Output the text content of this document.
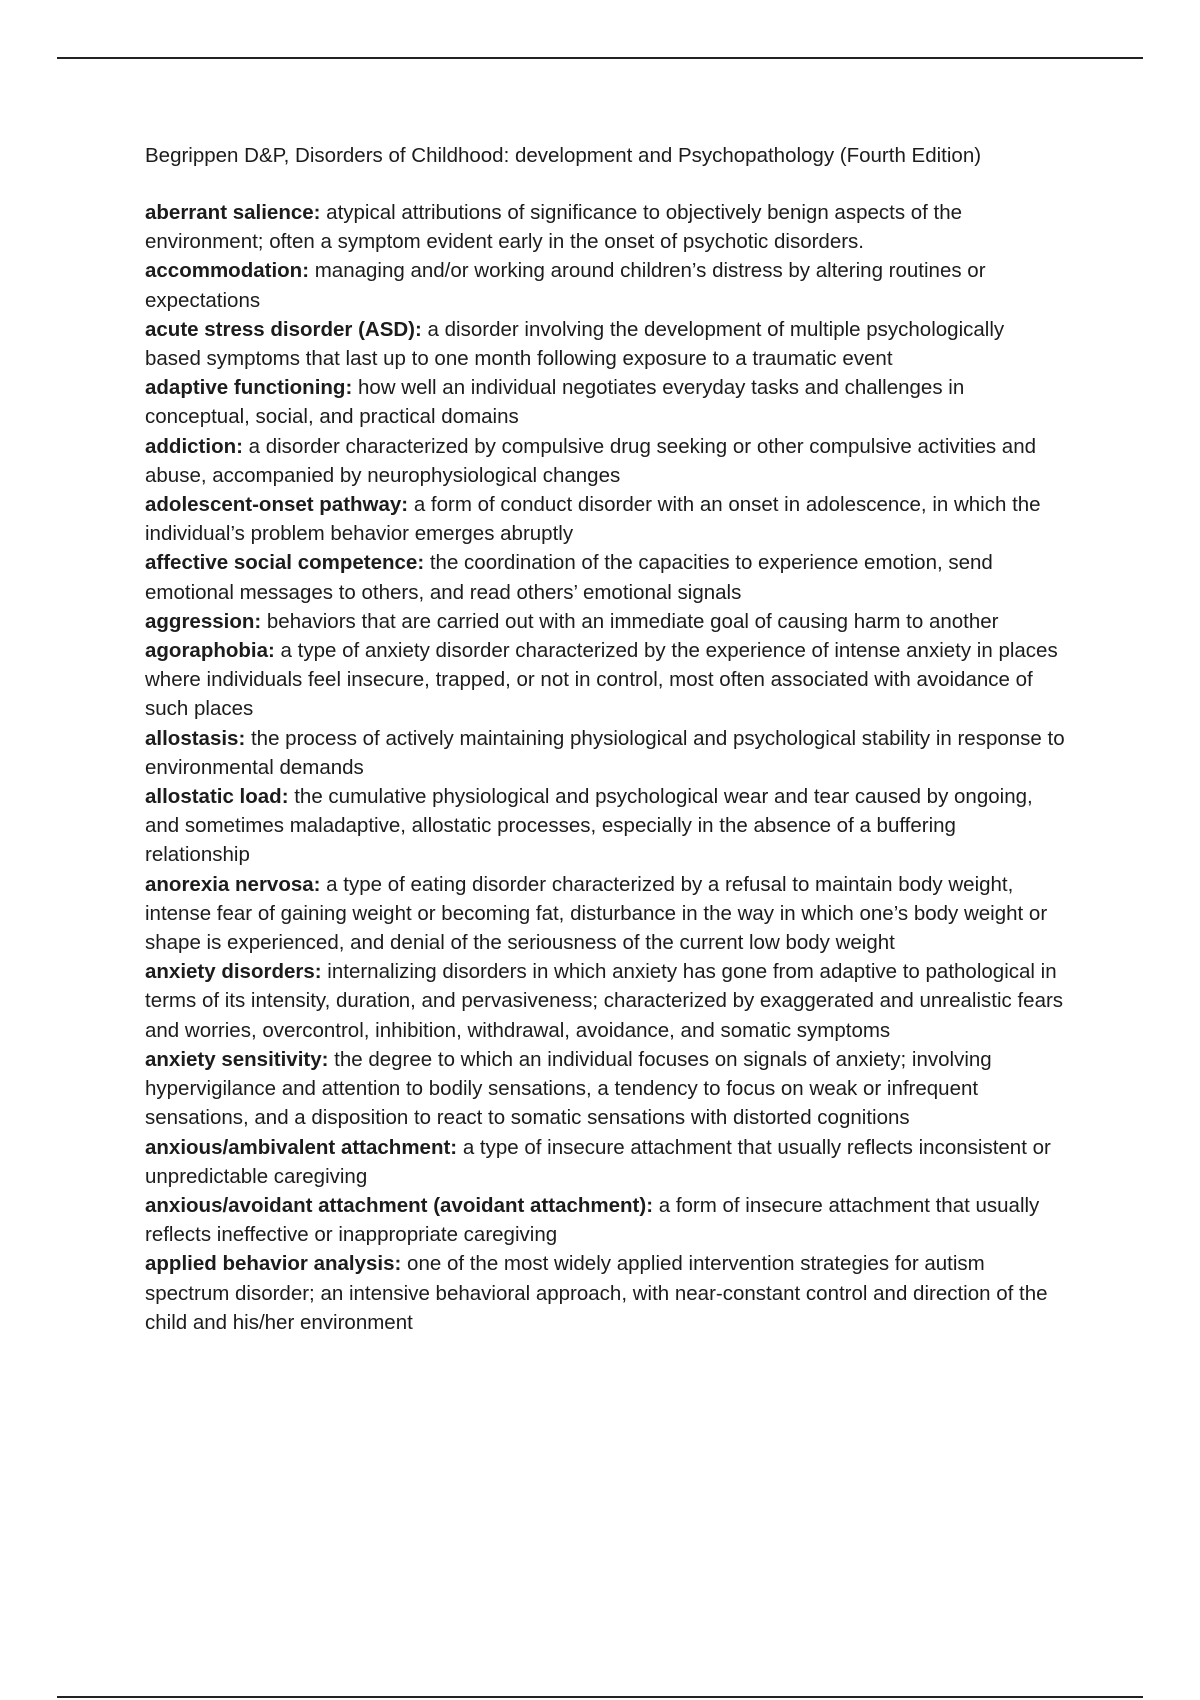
Begrippen D&P, Disorders of Childhood: development and Psychopathology (Fourth Edition)

aberrant salience: atypical attributions of significance to objectively benign aspects of the environment; often a symptom evident early in the onset of psychotic disorders.

accommodation: managing and/or working around children’s distress by altering routines or expectations

acute stress disorder (ASD): a disorder involving the development of multiple psychologically based symptoms that last up to one month following exposure to a traumatic event

adaptive functioning: how well an individual negotiates everyday tasks and challenges in conceptual, social, and practical domains

addiction: a disorder characterized by compulsive drug seeking or other compulsive activities and abuse, accompanied by neurophysiological changes

adolescent-onset pathway: a form of conduct disorder with an onset in adolescence, in which the individual’s problem behavior emerges abruptly

affective social competence: the coordination of the capacities to experience emotion, send emotional messages to others, and read others’ emotional signals

aggression: behaviors that are carried out with an immediate goal of causing harm to another

agoraphobia: a type of anxiety disorder characterized by the experience of intense anxiety in places where individuals feel insecure, trapped, or not in control, most often associated with avoidance of such places

allostasis: the process of actively maintaining physiological and psychological stability in response to environmental demands

allostatic load: the cumulative physiological and psychological wear and tear caused by ongoing, and sometimes maladaptive, allostatic processes, especially in the absence of a buffering relationship

anorexia nervosa: a type of eating disorder characterized by a refusal to maintain body weight, intense fear of gaining weight or becoming fat, disturbance in the way in which one’s body weight or shape is experienced, and denial of the seriousness of the current low body weight

anxiety disorders: internalizing disorders in which anxiety has gone from adaptive to pathological in terms of its intensity, duration, and pervasiveness; characterized by exaggerated and unrealistic fears and worries, overcontrol, inhibition, withdrawal, avoidance, and somatic symptoms

anxiety sensitivity: the degree to which an individual focuses on signals of anxiety; involving hypervigilance and attention to bodily sensations, a tendency to focus on weak or infrequent sensations, and a disposition to react to somatic sensations with distorted cognitions

anxious/ambivalent attachment: a type of insecure attachment that usually reflects inconsistent or unpredictable caregiving

anxious/avoidant attachment (avoidant attachment): a form of insecure attachment that usually reflects ineffective or inappropriate caregiving

applied behavior analysis: one of the most widely applied intervention strategies for autism spectrum disorder; an intensive behavioral approach, with near-constant control and direction of the child and his/her environment
